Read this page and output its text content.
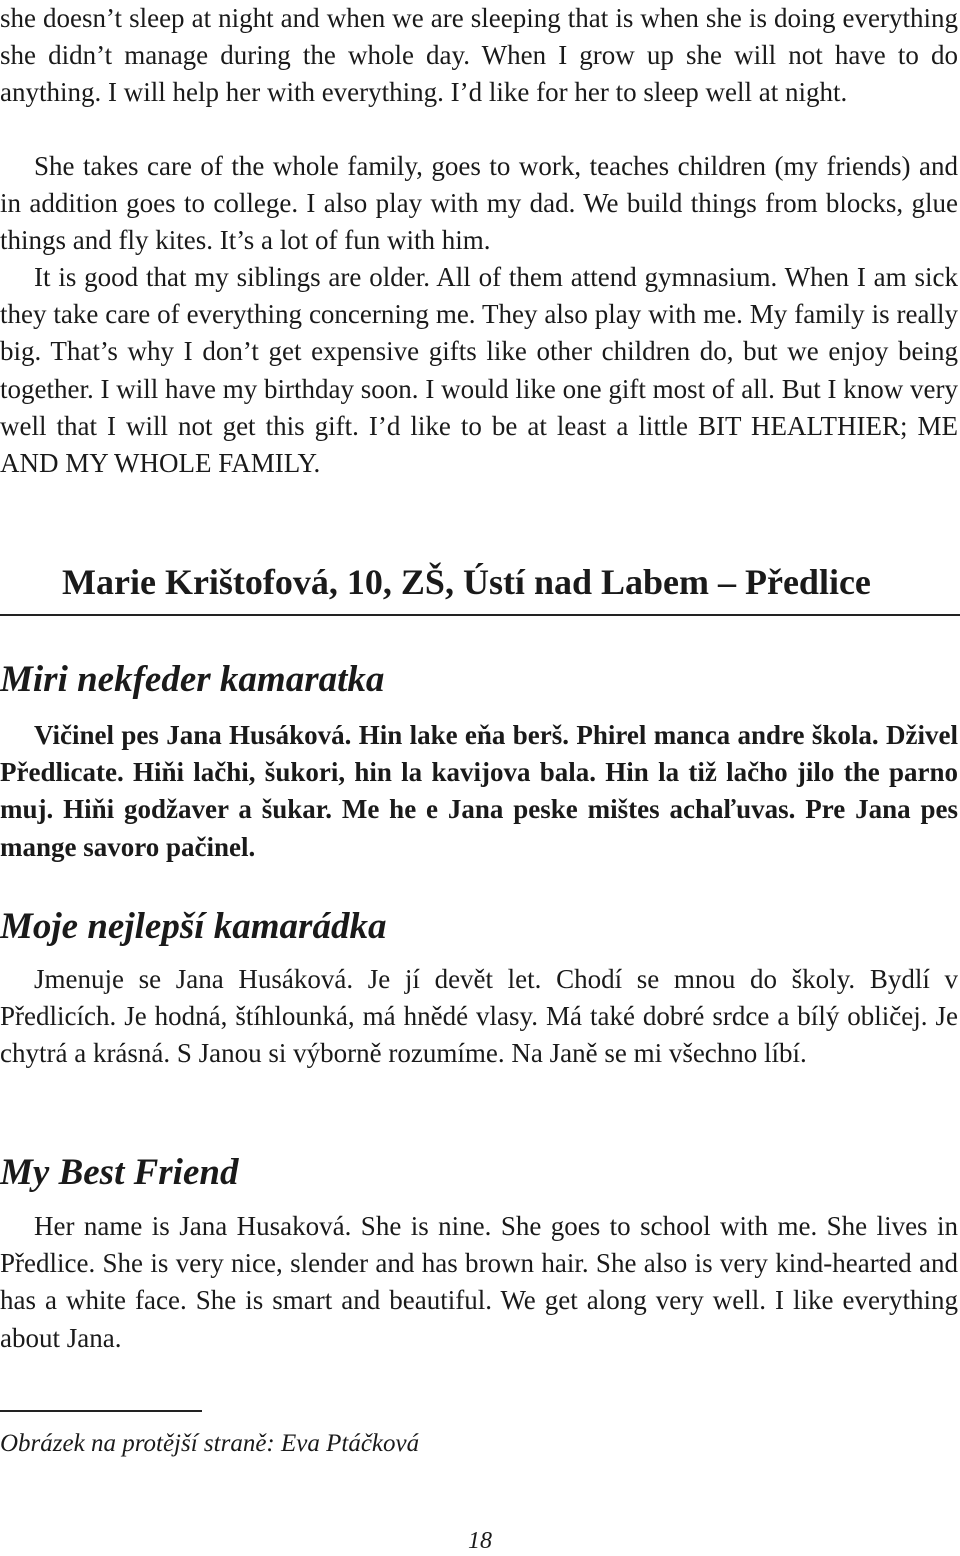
she doesn’t sleep at night and when we are sleeping that is when she is doing everything she didn’t manage during the whole day. When I grow up she will not have to do anything. I will help her with everything. I’d like for her to sleep well at night.

She takes care of the whole family, goes to work, teaches children (my friends) and in addition goes to college. I also play with my dad. We build things from blocks, glue things and fly kites. It’s a lot of fun with him.

It is good that my siblings are older. All of them attend gymnasium. When I am sick they take care of everything concerning me. They also play with me. My family is really big. That’s why I don’t get expensive gifts like other children do, but we enjoy being together. I will have my birthday soon. I would like one gift most of all. But I know very well that I will not get this gift. I’d like to be at least a little BIT HEALTHIER; ME AND MY WHOLE FAMILY.

Marie Krištofová, 10, ZŠ, Ústí nad Labem – Předlice
Miri nekfeder kamaratka

Vičinel pes Jana Husáková. Hin lake eňa berš. Phirel manca andre škola. Dživel Předlicate. Hiňi lačhi, šukori, hin la kavijova bala. Hin la tiž lačho jilo the parno muj. Hiňi godžaver a šukar. Me he e Jana peske mištes achaľuvas. Pre Jana pes mange savoro pačinel.

Moje nejlepší kamarádka

Jmenuje se Jana Husáková. Je jí devět let. Chodí se mnou do školy. Bydlí v Předlicích. Je hodná, štíhlounká, má hnědé vlasy. Má také dobré srdce a bílý obličej. Je chytrá a krásná. S Janou si výborně rozumíme. Na Janě se mi všechno líbí.

My Best Friend

Her name is Jana Husaková. She is nine. She goes to school with me. She lives in Předlice. She is very nice, slender and has brown hair. She also is very kind-hearted and has a white face. She is smart and beautiful. We get along very well. I like everything about Jana.

Obrázek na protější straně: Eva Ptáčková

18
